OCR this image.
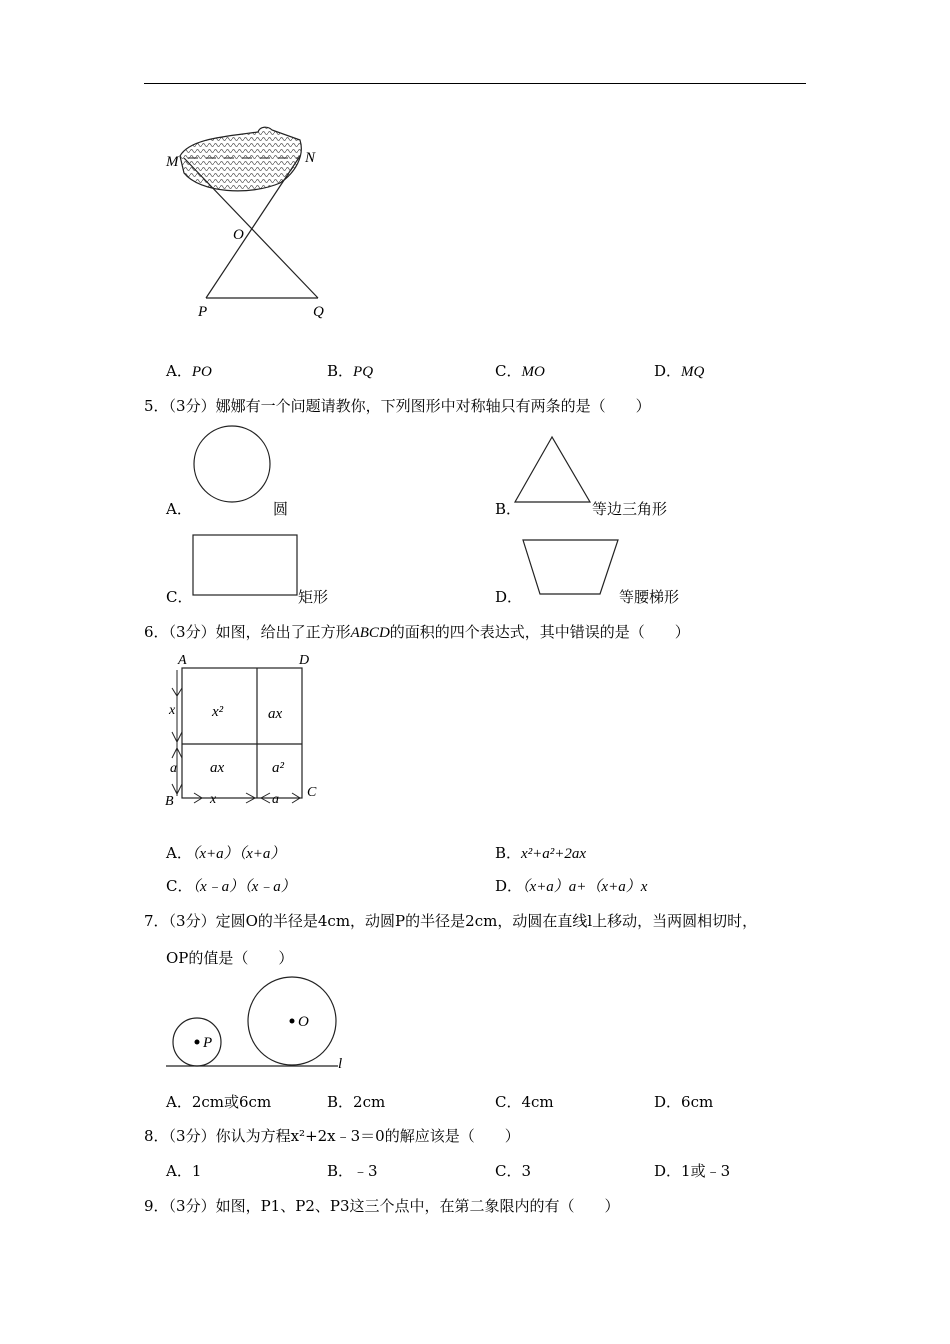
M	N
O
P	Q
A．PO	B．PQ	C．MO	D．MQ
5．（3分）娜娜有一个问题请教你，下列图形中对称轴只有两条的是（　　）
A．	圆	B．	等边三角形
C．	矩形	D．	等腰梯形
6．（3分）如图，给出了正方形ABCD的面积的四个表达式，其中错误的是（　　）
A	D
B
C
x²	ax
ax	a²
x
a
x	a
A．（x+a）（x+a）	B．x²+a²+2ax
C．（x﹣a）（x﹣a）	D．（x+a）a+（x+a）x
7．（3分）定圆O的半径是4cm，动圆P的半径是2cm，动圆在直线l上移动，当两圆相切时，
OP的值是（　　）
P
O
l
A．2cm或6cm	B．2cm	C．4cm	D．6cm
8．（3分）你认为方程x²+2x﹣3＝0的解应该是（　　）
A．1	B．﹣3	C．3	D．1或﹣3
9．（3分）如图，P1、P2、P3这三个点中，在第二象限内的有（　　）
